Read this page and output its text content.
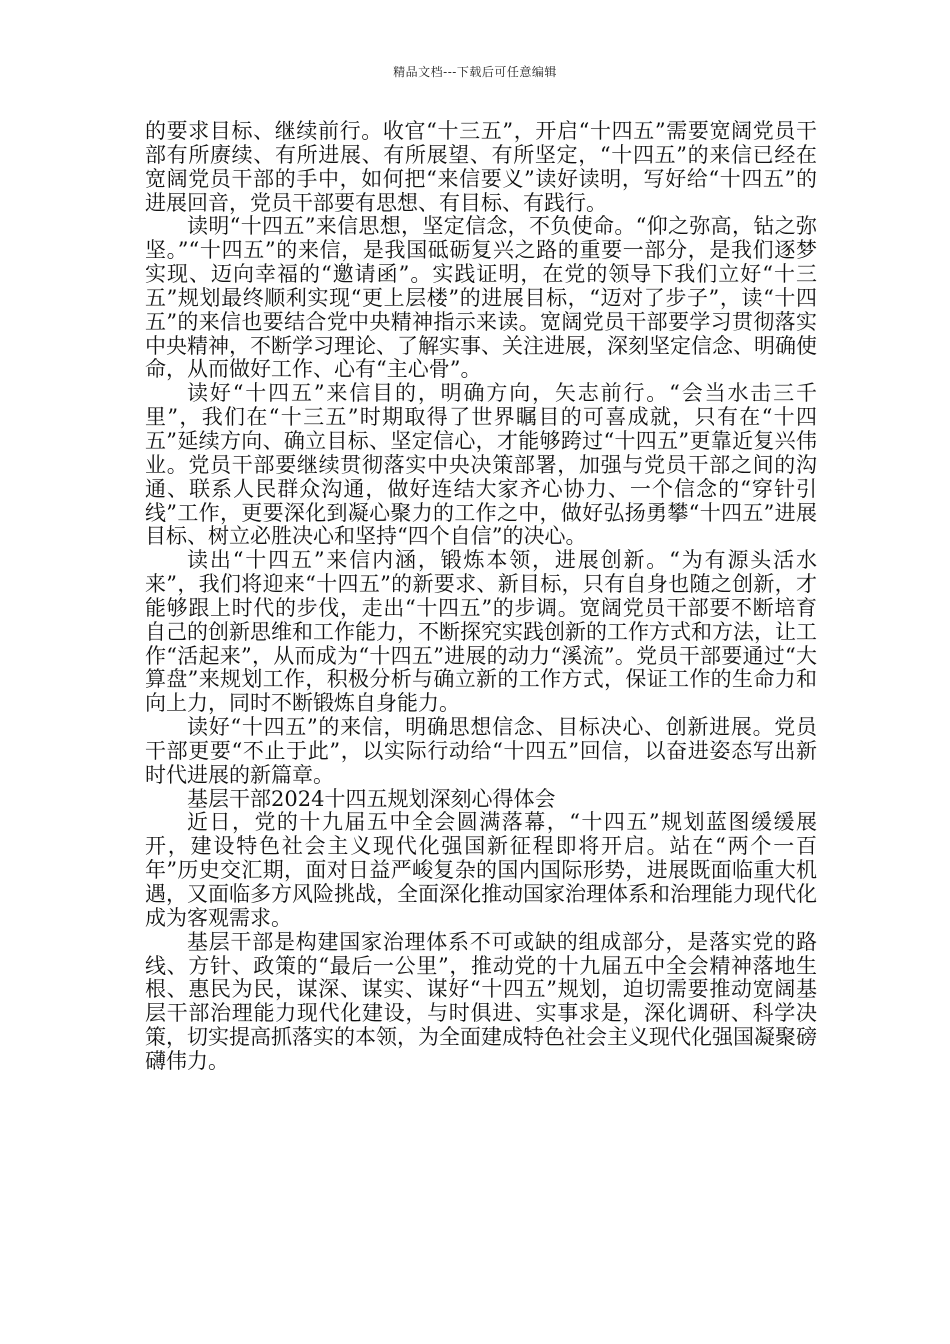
精品文档---下载后可任意编辑

的要求目标、继续前行。收官“十三五”，开启“十四五”需要宽阔党员干部有所赓续、有所进展、有所展望、有所坚定，“十四五”的来信已经在宽阔党员干部的手中，如何把“来信要义”读好读明，写好给“十四五”的进展回音，党员干部要有思想、有目标、有践行。

读明“十四五”来信思想，坚定信念，不负使命。“仰之弥高，钻之弥坚。”“十四五”的来信，是我国砥砺复兴之路的重要一部分，是我们逐梦实现、迈向幸福的“邀请函”。实践证明，在党的领导下我们立好“十三五”规划最终顺利实现“更上层楼”的进展目标，“迈对了步子”，读“十四五”的来信也要结合党中央精神指示来读。宽阔党员干部要学习贯彻落实中央精神，不断学习理论、了解实事、关注进展，深刻坚定信念、明确使命，从而做好工作、心有“主心骨”。

读好“十四五”来信目的，明确方向，矢志前行。“会当水击三千里”，我们在“十三五”时期取得了世界瞩目的可喜成就，只有在“十四五”延续方向、确立目标、坚定信心，才能够跨过“十四五”更靠近复兴伟业。党员干部要继续贯彻落实中央决策部署，加强与党员干部之间的沟通、联系人民群众沟通，做好连结大家齐心协力、一个信念的“穿针引线”工作，更要深化到凝心聚力的工作之中，做好弘扬勇攀“十四五”进展目标、树立必胜决心和坚持“四个自信”的决心。

读出“十四五”来信内涵，锻炼本领，进展创新。“为有源头活水来”，我们将迎来“十四五”的新要求、新目标，只有自身也随之创新，才能够跟上时代的步伐，走出“十四五”的步调。宽阔党员干部要不断培育自己的创新思维和工作能力，不断探究实践创新的工作方式和方法，让工作“活起来”，从而成为“十四五”进展的动力“溪流”。党员干部要通过“大算盘”来规划工作，积极分析与确立新的工作方式，保证工作的生命力和向上力，同时不断锻炼自身能力。

读好“十四五”的来信，明确思想信念、目标决心、创新进展。党员干部更要“不止于此”，以实际行动给“十四五”回信，以奋进姿态写出新时代进展的新篇章。

基层干部2024十四五规划深刻心得体会

近日，党的十九届五中全会圆满落幕，“十四五”规划蓝图缓缓展开，建设特色社会主义现代化强国新征程即将开启。站在“两个一百年”历史交汇期，面对日益严峻复杂的国内国际形势，进展既面临重大机遇，又面临多方风险挑战，全面深化推动国家治理体系和治理能力现代化成为客观需求。

基层干部是构建国家治理体系不可或缺的组成部分，是落实党的路线、方针、政策的“最后一公里”，推动党的十九届五中全会精神落地生根、惠民为民，谋深、谋实、谋好“十四五”规划，迫切需要推动宽阔基层干部治理能力现代化建设，与时俱进、实事求是，深化调研、科学决策，切实提高抓落实的本领，为全面建成特色社会主义现代化强国凝聚磅礴伟力。
